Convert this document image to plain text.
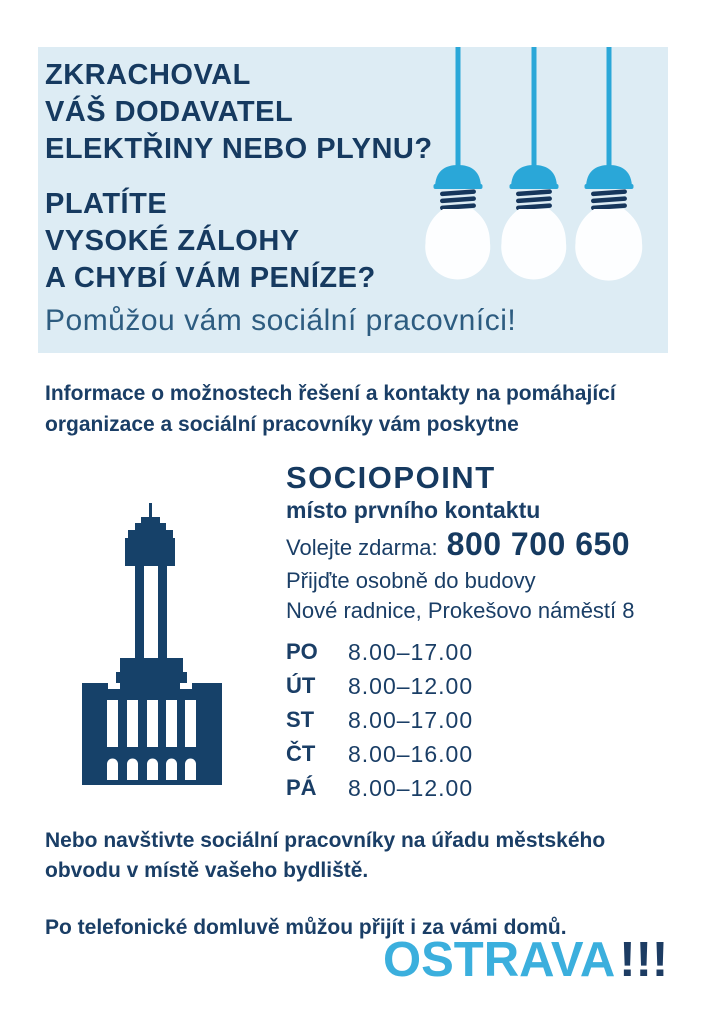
ZKRACHOVAL
VÁŠ DODAVATEL
ELEKTŘINY NEBO PLYNU?
PLATÍTE
VYSOKÉ ZÁLOHY
A CHYBÍ VÁM PENÍZE?
Pomůžou vám sociální pracovníci!
Informace o možnostech řešení a kontakty na pomáhající
organizace a sociální pracovníky vám poskytne
SOCIOPOINT
místo prvního kontaktu
Volejte zdarma: 800 700 650
Přijďte osobně do budovy
Nové radnice, Prokešovo náměstí 8
PO	8.00–17.00
ÚT	8.00–12.00
ST	8.00–17.00
ČT	8.00–16.00
PÁ	8.00–12.00
Nebo navštivte sociální pracovníky na úřadu městského
obvodu v místě vašeho bydliště.
Po telefonické domluvě můžou přijít i za vámi domů.
OSTRAVA!!!
